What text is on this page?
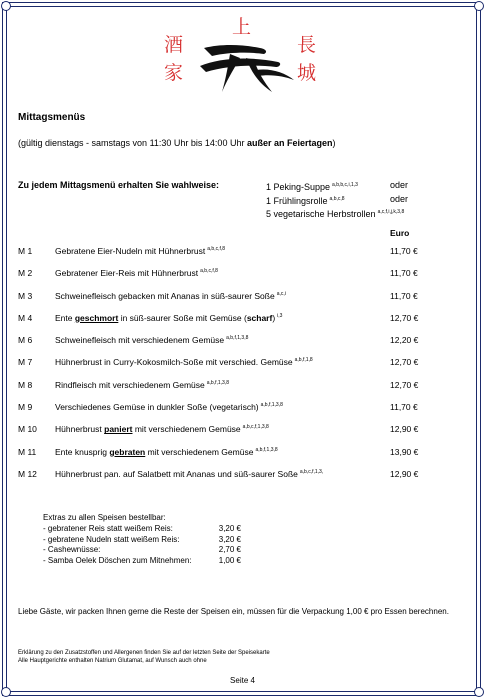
酒
家
上
長
城
Mittagsmenüs
(gültig dienstags - samstags von 11:30 Uhr bis 14:00 Uhr außer an Feiertagen)
Zu jedem Mittagsmenü erhalten Sie wahlweise:	1 Peking-Suppe $^{a,b,b,c,i,1,3}$	oder
1 Frühlingsrolle $^{a,b,c,8}$	oder
5 vegetarische Herbstrollen $^{a,c,f,i,j,k,3,8}$
Euro
M 1	Gebratene Eier-Nudeln mit Hühnerbrust $^{a,b,c,f,8}$	11,70 €
M 2	Gebratener Eier-Reis mit Hühnerbrust $^{a,b,c,f,8}$	11,70 €
M 3	Schweinefleisch gebacken mit Ananas in süß-saurer Soße $^{a,c,i}$	11,70 €
M 4	Ente geschmort in süß-saurer Soße mit Gemüse (scharf) $^{i,3}$	12,70 €
M 6	Schweinefleisch mit verschiedenem Gemüse $^{a,b,f,1,3,8}$	12,20 €
M 7	Hühnerbrust in Curry-Kokosmilch-Soße mit verschied. Gemüse $^{a,b,f,1,8}$	12,70 €
M 8	Rindfleisch mit verschiedenem Gemüse $^{a,b,f,1,3,8}$	12,70 €
M 9	Verschiedenes Gemüse in dunkler Soße (vegetarisch) $^{a,b,f,1,3,8}$	11,70 €
M 10 Hühnerbrust paniert mit verschiedenem Gemüse $^{a,b,c,f,1,3,8}$	12,90 €
M 11 Ente knusprig gebraten mit verschiedenem Gemüse $^{a,b,f,1,3,8}$	13,90 €
M 12 Hühnerbrust pan. auf Salatbett mit Ananas und süß-saurer Soße $^{a,b,c,f,1,3,}$	12,90 €
Extras zu allen Speisen bestellbar:
- gebratener Reis statt weißem Reis:	3,20 €
- gebratene Nudeln statt weißem Reis:	3,20 €
- Cashewnüsse:	2,70 €
- Samba Oelek Döschen zum Mitnehmen:	1,00 €
Liebe Gäste, wir packen Ihnen gerne die Reste der Speisen ein, müssen für die Verpackung 1,00 € pro Essen berechnen.
Erklärung zu den Zusatzstoffen und Allergenen finden Sie auf der letzten Seite der Speisekarte
Alle Hauptgerichte enthalten Natrium Glutamat, auf Wunsch auch ohne
Seite 4
